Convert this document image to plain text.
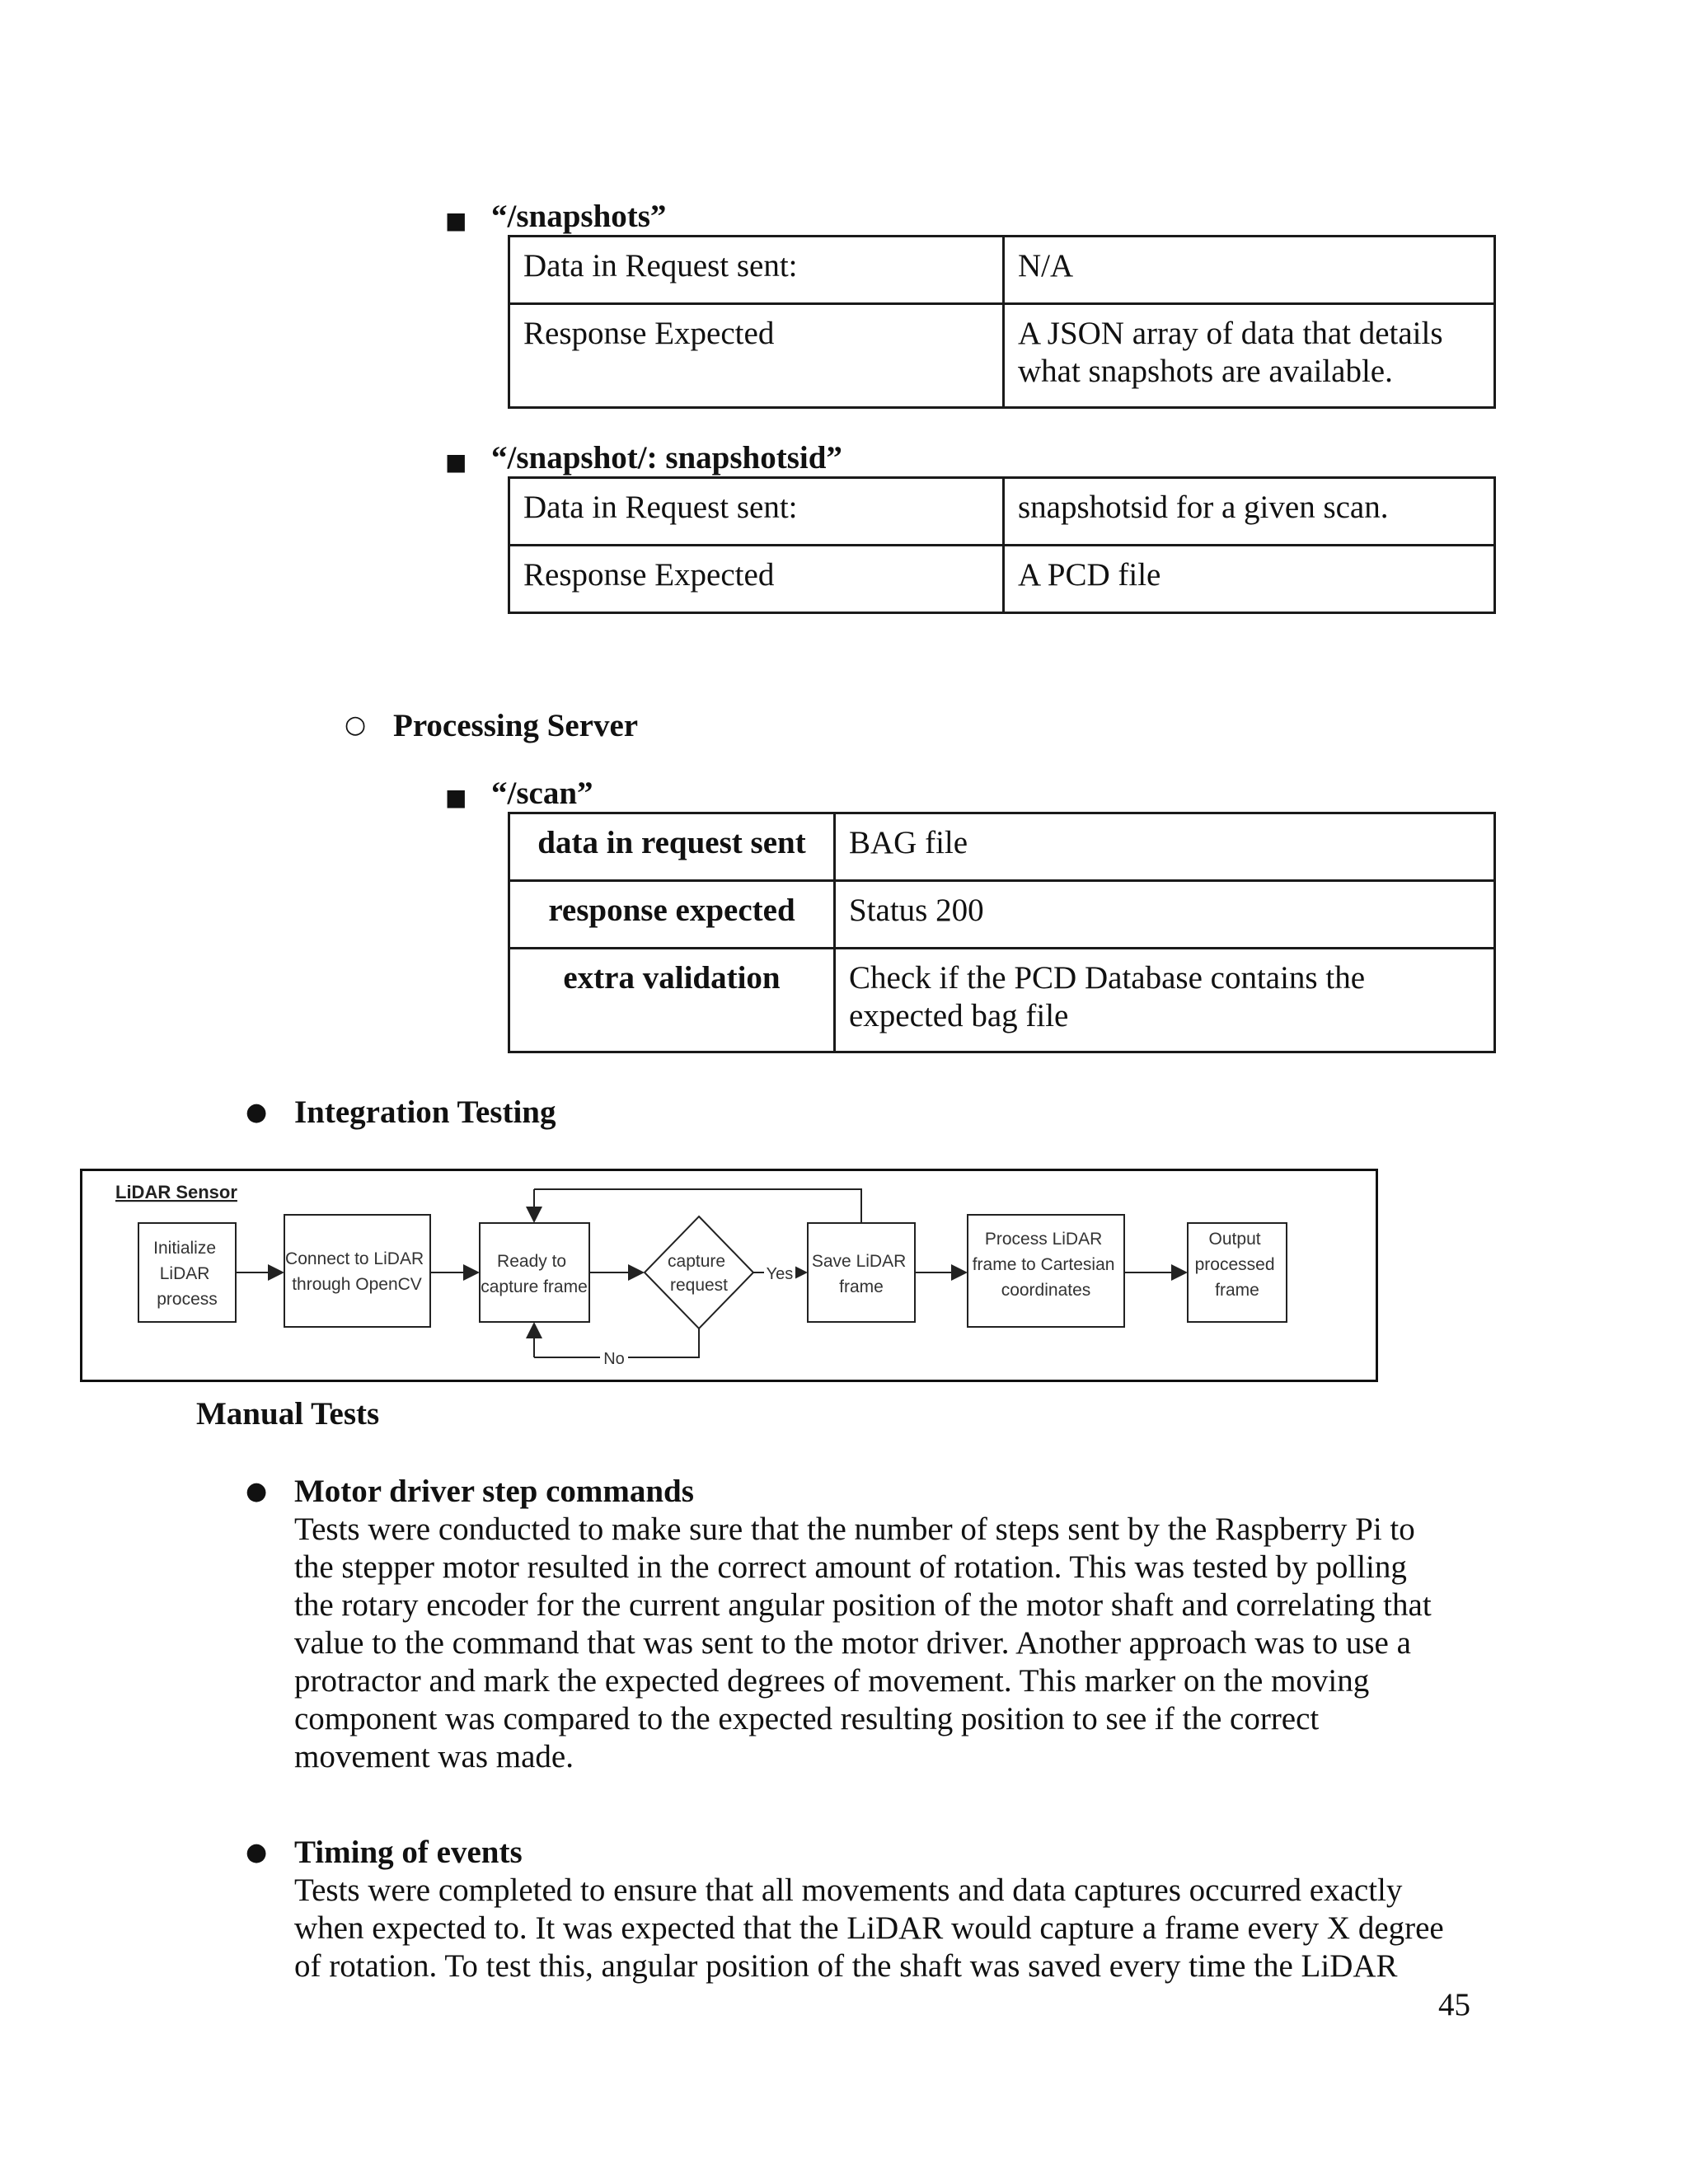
■ “/snapshots”
Data in Request sent:	N/A
Response Expected	A JSON array of data that details what snapshots are available.
■ “/snapshot/: snapshotsid”
Data in Request sent:	snapshotsid for a given scan.
Response Expected	A PCD file
○ Processing Server
■ “/scan”
data in request sent	BAG file
response expected	Status 200
extra validation	Check if the PCD Database contains the expected bag file
● Integration Testing
LiDAR Sensor
Initialize LiDAR process
Connect to LiDAR through OpenCV
Ready to capture frame
capture request
Save LiDAR frame
Process LiDAR frame to Cartesian coordinates
Output processed frame
Yes
No
Manual Tests
● Motor driver step commands
Tests were conducted to make sure that the number of steps sent by the Raspberry Pi to
the stepper motor resulted in the correct amount of rotation. This was tested by polling
the rotary encoder for the current angular position of the motor shaft and correlating that
value to the command that was sent to the motor driver. Another approach was to use a
protractor and mark the expected degrees of movement. This marker on the moving
component was compared to the expected resulting position to see if the correct
movement was made.
● Timing of events
Tests were completed to ensure that all movements and data captures occurred exactly
when expected to. It was expected that the LiDAR would capture a frame every X degree
of rotation. To test this, angular position of the shaft was saved every time the LiDAR
45
